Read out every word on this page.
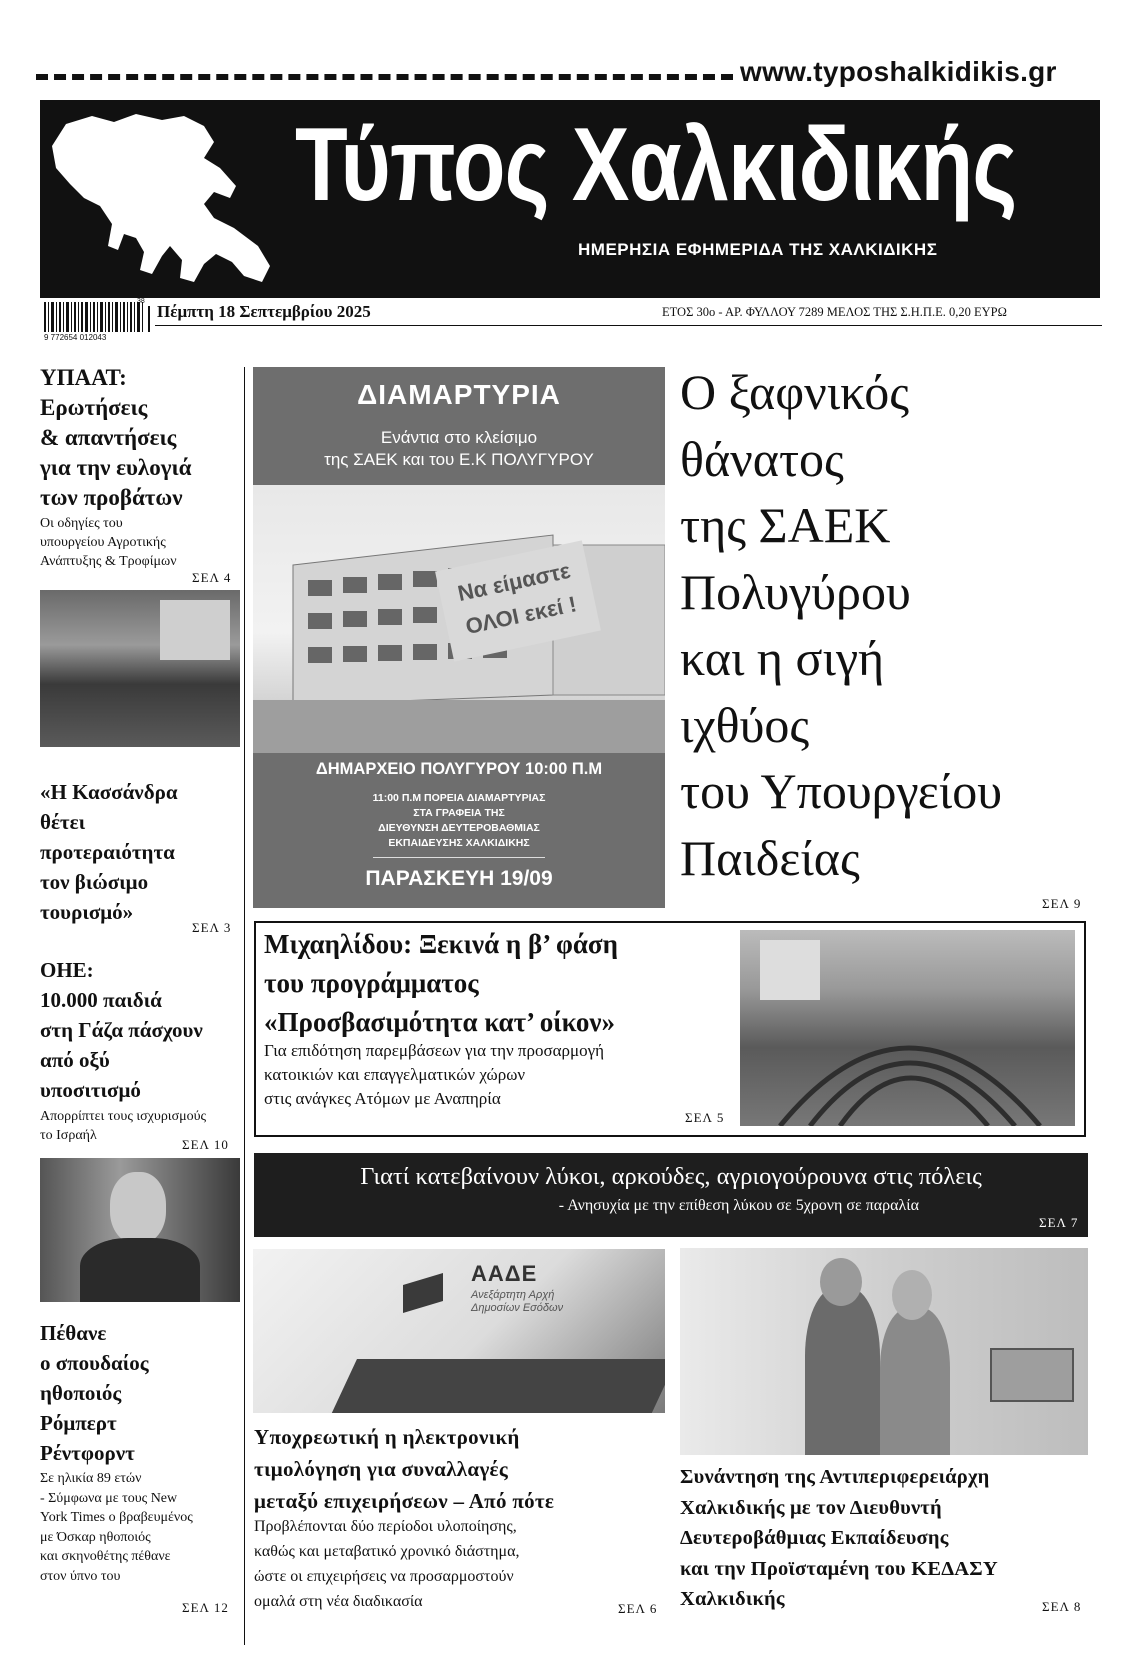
www.typoshalkidikis.gr
Τύπος Χαλκιδικής
ΗΜΕΡΗΣΙΑ ΕΦΗΜΕΡΙΔΑ ΤΗΣ ΧΑΛΚΙΔΙΚΗΣ
9 772654 012043
38
Πέμπτη 18 Σεπτεμβρίου 2025	ΕΤΟΣ 30ο - ΑΡ. ΦΥΛΛΟΥ 7289 ΜΕΛΟΣ ΤΗΣ Σ.Η.Π.Ε. 0,20 ΕΥΡΩ
ΥΠΑΑΤ:
Ερωτήσεις
& απαντήσεις
για την ευλογιά
των προβάτων
Οι οδηγίες του
υπουργείου Αγροτικής
Ανάπτυξης & Τροφίμων
ΣΕΛ 4
«Η Κασσάνδρα
θέτει
προτεραιότητα
τον βιώσιμο
τουρισμό»
ΣΕΛ 3
ΟΗΕ:
10.000 παιδιά
στη Γάζα πάσχουν
από οξύ
υποσιτισμό
Απορρίπτει τους ισχυρισμούς
το Ισραήλ
ΣΕΛ 10
Πέθανε
ο σπουδαίος
ηθοποιός
Ρόμπερτ
Ρέντφορντ
Σε ηλικία 89 ετών
- Σύμφωνα με τους New
York Times ο βραβευμένος
με Όσκαρ ηθοποιός
και σκηνοθέτης πέθανε
στον ύπνο του
ΣΕΛ 12
ΔΙΑΜΑΡΤΥΡΙΑ
Ενάντια στο κλείσιμο
της ΣΑΕΚ και του Ε.Κ ΠΟΛΥΓΥΡΟΥ
Να είμαστε
ΟΛΟΙ εκεί !
ΔΗΜΑΡΧΕΙΟ ΠΟΛΥΓΥΡΟΥ 10:00 Π.Μ
11:00 Π.Μ ΠΟΡΕΙΑ ΔΙΑΜΑΡΤΥΡΙΑΣ
ΣΤΑ ΓΡΑΦΕΙΑ ΤΗΣ
ΔΙΕΥΘΥΝΣΗ ΔΕΥΤΕΡΟΒΑΘΜΙΑΣ
ΕΚΠΑΙΔΕΥΣΗΣ ΧΑΛΚΙΔΙΚΗΣ
ΠΑΡΑΣΚΕΥΗ 19/09
Ο ξαφνικός
θάνατος
της ΣΑΕΚ
Πολυγύρου
και η σιγή
ιχθύος
του Υπουργείου
Παιδείας
ΣΕΛ 9
Μιχαηλίδου: Ξεκινά η β’ φάση
του προγράμματος
«Προσβασιμότητα κατ’ οίκον»
Για επιδότηση παρεμβάσεων για την προσαρμογή
κατοικιών και επαγγελματικών χώρων
στις ανάγκες Ατόμων με Αναπηρία
ΣΕΛ 5
Γιατί κατεβαίνουν λύκοι, αρκούδες, αγριογούρουνα στις πόλεις
- Ανησυχία με την επίθεση λύκου σε 5χρονη σε παραλία
ΣΕΛ 7
ΑΑΔΕ
Ανεξάρτητη Αρχή
Δημοσίων Εσόδων
Υποχρεωτική η ηλεκτρονική
τιμολόγηση για συναλλαγές
μεταξύ επιχειρήσεων – Από πότε
Προβλέπονται δύο περίοδοι υλοποίησης,
καθώς και μεταβατικό χρονικό διάστημα,
ώστε οι επιχειρήσεις να προσαρμοστούν
ομαλά στη νέα διαδικασία	ΣΕΛ 6
Συνάντηση της Αντιπεριφερειάρχη
Χαλκιδικής με τον Διευθυντή
Δευτεροβάθμιας Εκπαίδευσης
και την Προϊσταμένη του ΚΕΔΑΣΥ
Χαλκιδικής	ΣΕΛ 8
